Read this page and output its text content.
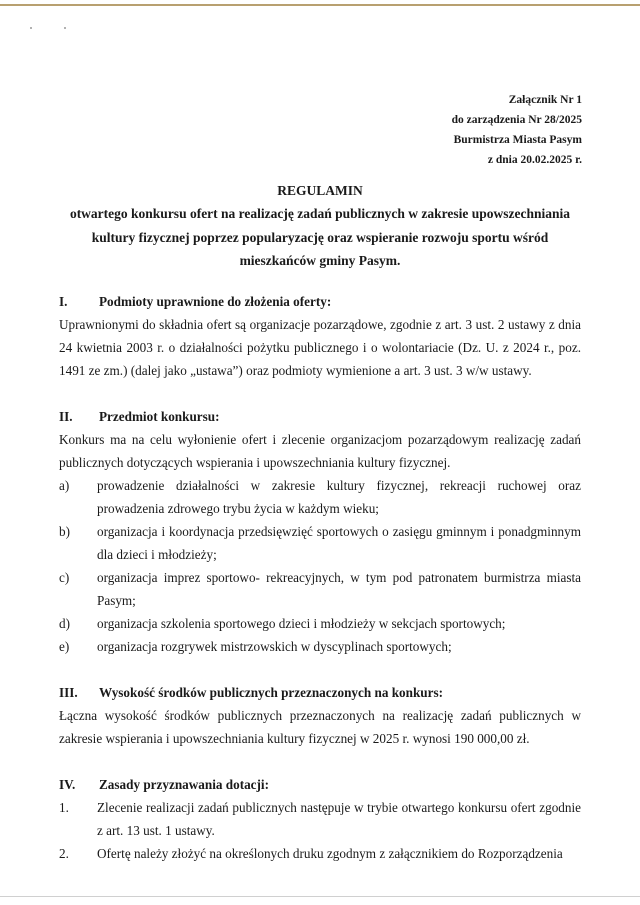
Załącznik Nr 1
do zarządzenia Nr 28/2025
Burmistrza Miasta Pasym
z dnia 20.02.2025 r.
REGULAMIN
otwartego konkursu ofert na realizację zadań publicznych w zakresie upowszechniania kultury fizycznej poprzez popularyzację oraz wspieranie rozwoju sportu wśród mieszkańców gminy Pasym.
I.	Podmioty uprawnione do złożenia oferty:

Uprawnionymi do składnia ofert są organizacje pozarządowe, zgodnie z art. 3 ust. 2 ustawy z dnia 24 kwietnia 2003 r. o działalności pożytku publicznego i o wolontariacie (Dz. U. z 2024 r., poz. 1491 ze zm.) (dalej jako „ustawa”) oraz podmioty wymienione a art. 3 ust. 3 w/w ustawy.

II.	Przedmiot konkursu:

Konkurs ma na celu wyłonienie ofert i zlecenie organizacjom pozarządowym realizację zadań publicznych dotyczących wspierania i upowszechniania kultury fizycznej.

a)	prowadzenie działalności w zakresie kultury fizycznej, rekreacji ruchowej oraz prowadzenia zdrowego trybu życia w każdym wieku;
b)	organizacja i koordynacja przedsięwzięć sportowych o zasięgu gminnym i ponadgminnym dla dzieci i młodzieży;
c)	organizacja imprez sportowo- rekreacyjnych, w tym pod patronatem burmistrza miasta Pasym;
d)	organizacja szkolenia sportowego dzieci i młodzieży w sekcjach sportowych;
e)	organizacja rozgrywek mistrzowskich w dyscyplinach sportowych;
III.	Wysokość środków publicznych przeznaczonych na konkurs:

Łączna wysokość środków publicznych przeznaczonych na realizację zadań publicznych w zakresie wspierania i upowszechniania kultury fizycznej w 2025 r. wynosi 190 000,00 zł.

IV.	Zasady przyznawania dotacji:
1.	Zlecenie realizacji zadań publicznych następuje w trybie otwartego konkursu ofert zgodnie z art. 13 ust. 1 ustawy.
2.	Ofertę należy złożyć na określonych druku zgodnym z załącznikiem do Rozporządzenia
